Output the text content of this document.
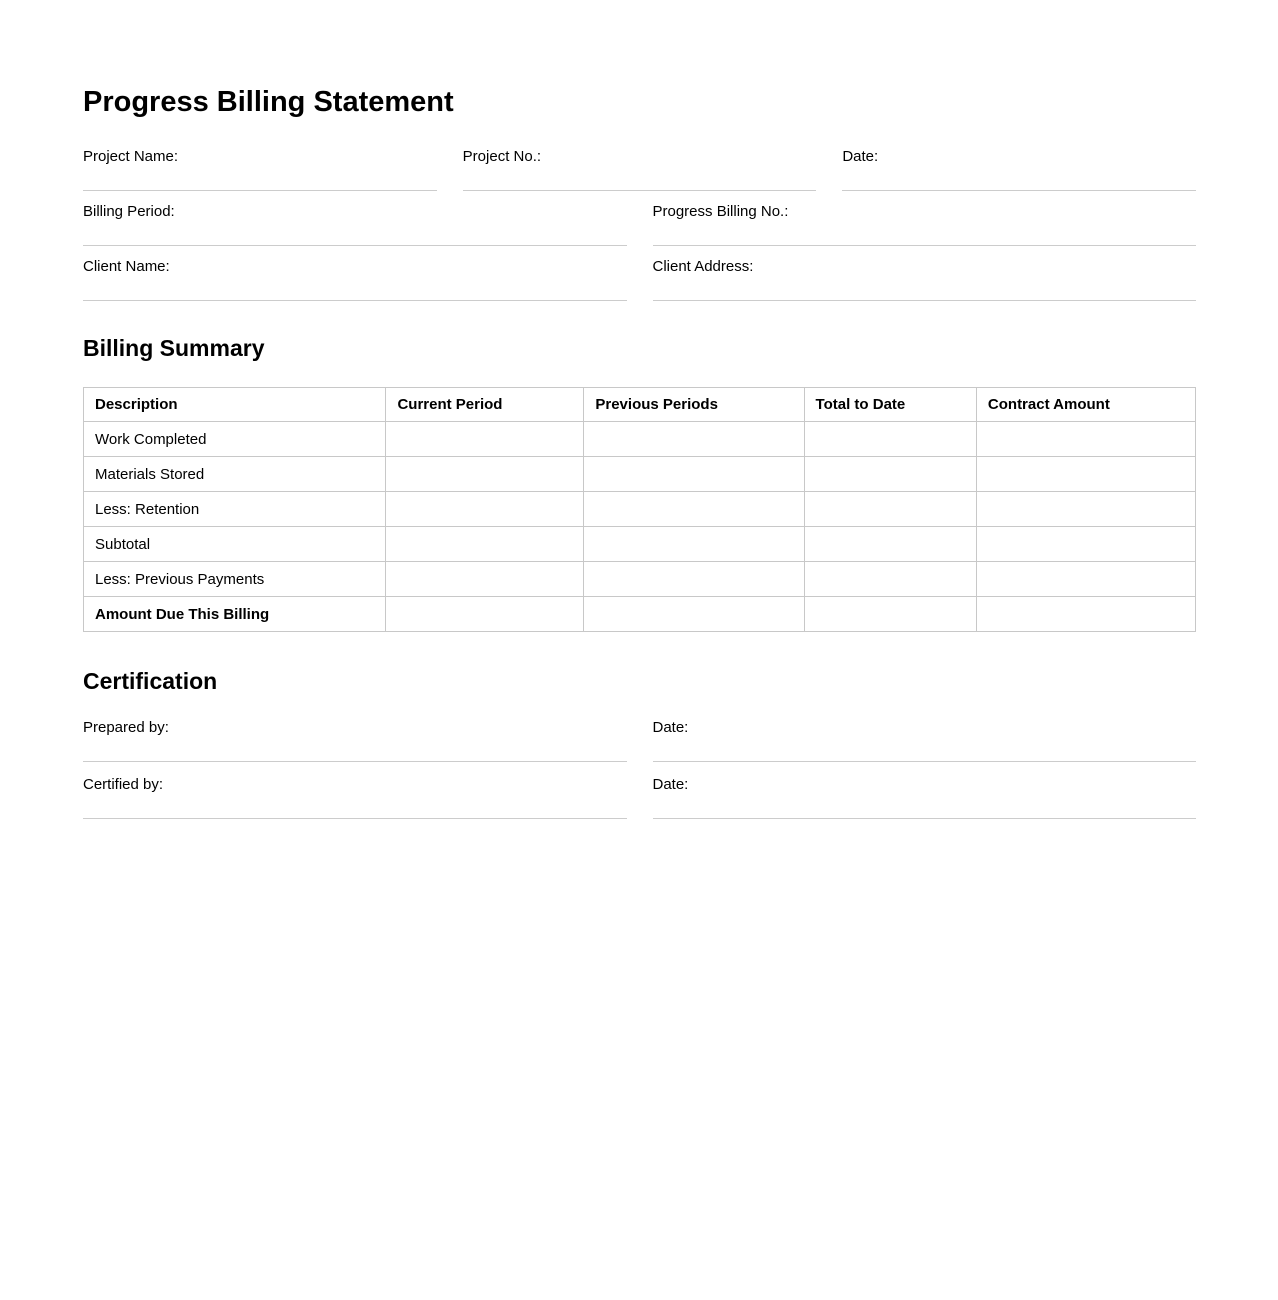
Progress Billing Statement
Project Name:	Project No.:	Date:
Billing Period:	Progress Billing No.:
Client Name:	Client Address:
Billing Summary
Description	Current Period	Previous Periods	Total to Date	Contract Amount
Work Completed				
Materials Stored				
Less: Retention				
Subtotal				
Less: Previous Payments				
Amount Due This Billing				
Certification
Prepared by:	Date:
Certified by:	Date:
